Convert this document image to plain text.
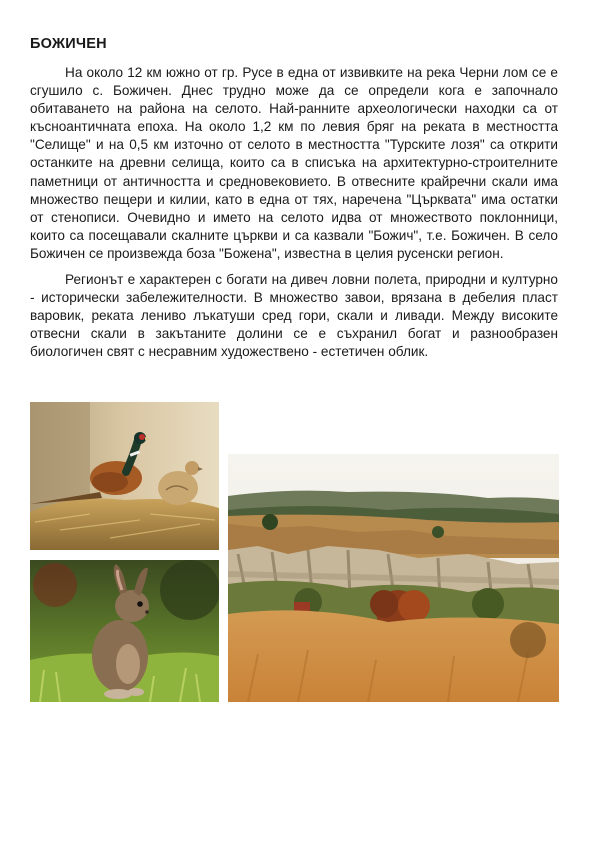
БОЖИЧЕН

На около 12 км южно от гр. Русе в една от извивките на река Черни лом се е сгушило с. Божичен. Днес трудно може да се определи кога е започнало обитаването на района на селото. Най-ранните археологически находки са от късноантичната епоха. На около 1,2 км по левия бряг на реката в местността "Селище" и на 0,5 км източно от селото в местността "Турските лозя" са открити останките на древни селища, които са в списъка на архитектурно-строителните паметници от античността и средновековието. В отвесните крайречни скали има множество пещери и килии, като в една от тях, наречена "Църквата" има остатки от стенописи. Очевидно и името на селото идва от множеството поклонници, които са посещавали скалните църкви и са казвали "Божич", т.е. Божичен. В село Божичен се произвежда боза "Божена", известна в целия русенски регион.

Регионът е характерен с богати на дивеч ловни полета, природни и културно - исторически забележителности. В множество завои, врязана в дебелия пласт варовик, реката лениво лъкатуши сред гори, скали и ливади. Между високите отвесни скали в закътаните долини се е съхранил богат и разнообразен биологичен свят с несравним художествено - естетичен облик.
